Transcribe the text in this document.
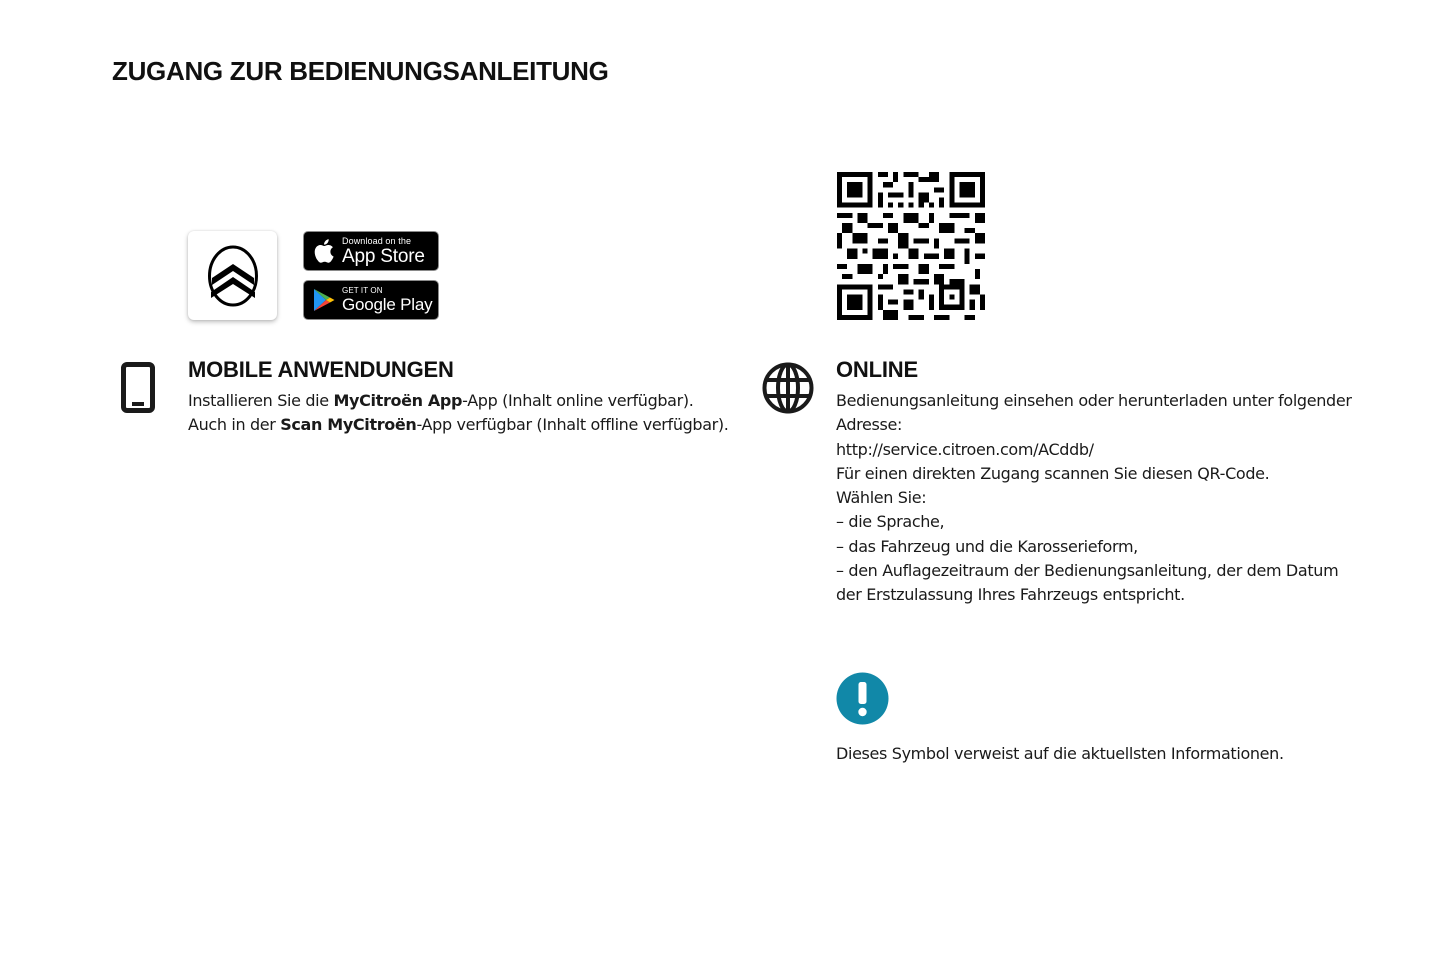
ZUGANG ZUR BEDIENUNGSANLEITUNG
Download on the
App Store
GET IT ON
Google Play
MOBILE ANWENDUNGEN

Installieren Sie die MyCitroën App-App (Inhalt online verfügbar).

Auch in der Scan MyCitroën-App verfügbar (Inhalt offline verfügbar).

ONLINE

Bedienungsanleitung einsehen oder herunterladen unter folgender

Adresse:

http://service.citroen.com/ACddb/

Für einen direkten Zugang scannen Sie diesen QR-Code.

Wählen Sie:

– die Sprache,

– das Fahrzeug und die Karosserieform,

– den Auflagezeitraum der Bedienungsanleitung, der dem Datum

der Erstzulassung Ihres Fahrzeugs entspricht.

Dieses Symbol verweist auf die aktuellsten Informationen.
